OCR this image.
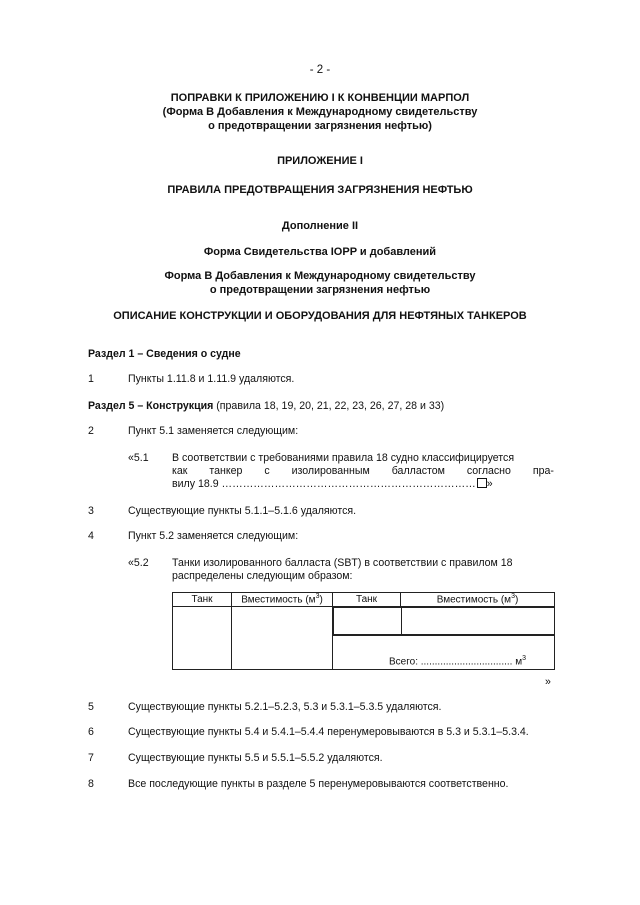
- 2 -
ПОПРАВКИ К ПРИЛОЖЕНИЮ I К КОНВЕНЦИИ МАРПОЛ
(Форма В Добавления к Международному свидетельству
о предотвращении загрязнения нефтью)
ПРИЛОЖЕНИЕ I
ПРАВИЛА ПРЕДОТВРАЩЕНИЯ ЗАГРЯЗНЕНИЯ НЕФТЬЮ
Дополнение II
Форма Свидетельства IOPP и добавлений
Форма В Добавления к Международному свидетельству
о предотвращении загрязнения нефтью
ОПИСАНИЕ КОНСТРУКЦИИ И ОБОРУДОВАНИЯ ДЛЯ НЕФТЯНЫХ ТАНКЕРОВ
Раздел 1 – Сведения о судне
1	Пункты 1.11.8 и 1.11.9 удаляются.
Раздел 5 – Конструкция (правила 18, 19, 20, 21, 22, 23, 26, 27, 28 и 33)
2	Пункт 5.1 заменяется следующим:
«5.1 В соответствии с требованиями правила 18 судно классифицируется
как танкер с изолированным балластом согласно пра-
вилу 18.9 ……………………………………………………………… »
3	Существующие пункты 5.1.1–5.1.6 удаляются.
4	Пункт 5.2 заменяется следующим:
«5.2 Танки изолированного балласта (SBT) в соответствии с правилом 18
распределены следующим образом:
Танк	Вместимость $(м^3)$	Танк	Вместимость $(м^3)$

Всего: ................................. $м^3$
»
5	Существующие пункты 5.2.1–5.2.3, 5.3 и 5.3.1–5.3.5 удаляются.
6	Существующие пункты 5.4 и 5.4.1–5.4.4 перенумеровываются в 5.3 и 5.3.1–5.3.4.
7	Существующие пункты 5.5 и 5.5.1–5.5.2 удаляются.
8	Все последующие пункты в разделе 5 перенумеровываются соответственно.
